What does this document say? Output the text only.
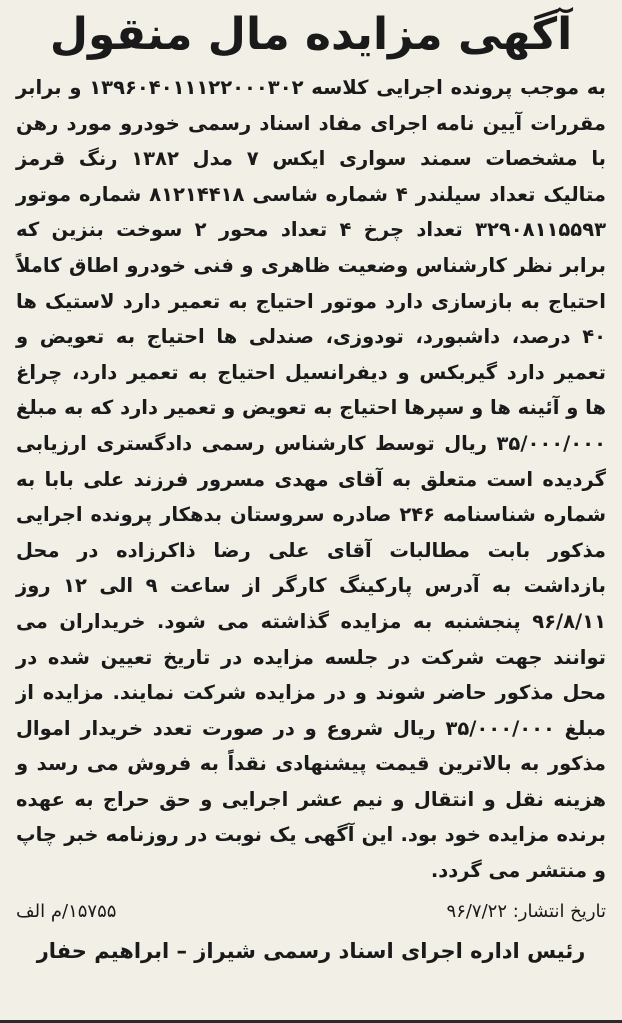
آگهی مزایده مال منقول

به موجب پرونده اجرایی کلاسه ۱۳۹۶۰۴۰۱۱۱۲۲۰۰۰۳۰۲ و برابر مقررات آیین نامه اجرای مفاد اسناد رسمی خودرو مورد رهن با مشخصات سمند سواری ایکس ۷ مدل ۱۳۸۲ رنگ قرمز متالیک تعداد سیلندر ۴ شماره شاسی ۸۱۲۱۴۴۱۸ شماره موتور ۳۲۹۰۸۱۱۵۵۹۳ تعداد چرخ ۴ تعداد محور ۲ سوخت بنزین که برابر نظر کارشناس وضعیت ظاهری و فنی خودرو اطاق کاملاً احتیاج به بازسازی دارد موتور احتیاج به تعمیر دارد لاستیک ها ۴۰ درصد، داشبورد، تودوزی، صندلی ها احتیاج به تعویض و تعمیر دارد گیربکس و دیفرانسیل احتیاج به تعمیر دارد، چراغ ها و آئینه ها و سپرها احتیاج به تعویض و تعمیر دارد که به مبلغ ۳۵/۰۰۰/۰۰۰ ریال توسط کارشناس رسمی دادگستری ارزیابی گردیده است متعلق به آقای مهدی مسرور فرزند علی بابا به شماره شناسنامه ۲۴۶ صادره سروستان بدهکار پرونده اجرایی مذکور بابت مطالبات آقای علی رضا ذاکرزاده در محل بازداشت به آدرس پارکینگ کارگر از ساعت ۹ الی ۱۲ روز ۹۶/۸/۱۱ پنجشنبه به مزایده گذاشته می شود. خریداران می توانند جهت شرکت در جلسه مزایده در تاریخ تعیین شده در محل مذکور حاضر شوند و در مزایده شرکت نمایند. مزایده از مبلغ ۳۵/۰۰۰/۰۰۰ ریال شروع و در صورت تعدد خریدار اموال مذکور به بالاترین قیمت پیشنهادی نقداً به فروش می رسد و هزینه نقل و انتقال و نیم عشر اجرایی و حق حراج به عهده برنده مزایده خود بود. این آگهی یک نوبت در روزنامه خبر چاپ و منتشر می گردد.

تاریخ انتشار: ۹۶/۷/۲۲
۱۵۷۵۵/م الف
رئیس اداره اجرای اسناد رسمی شیراز – ابراهیم حفار
